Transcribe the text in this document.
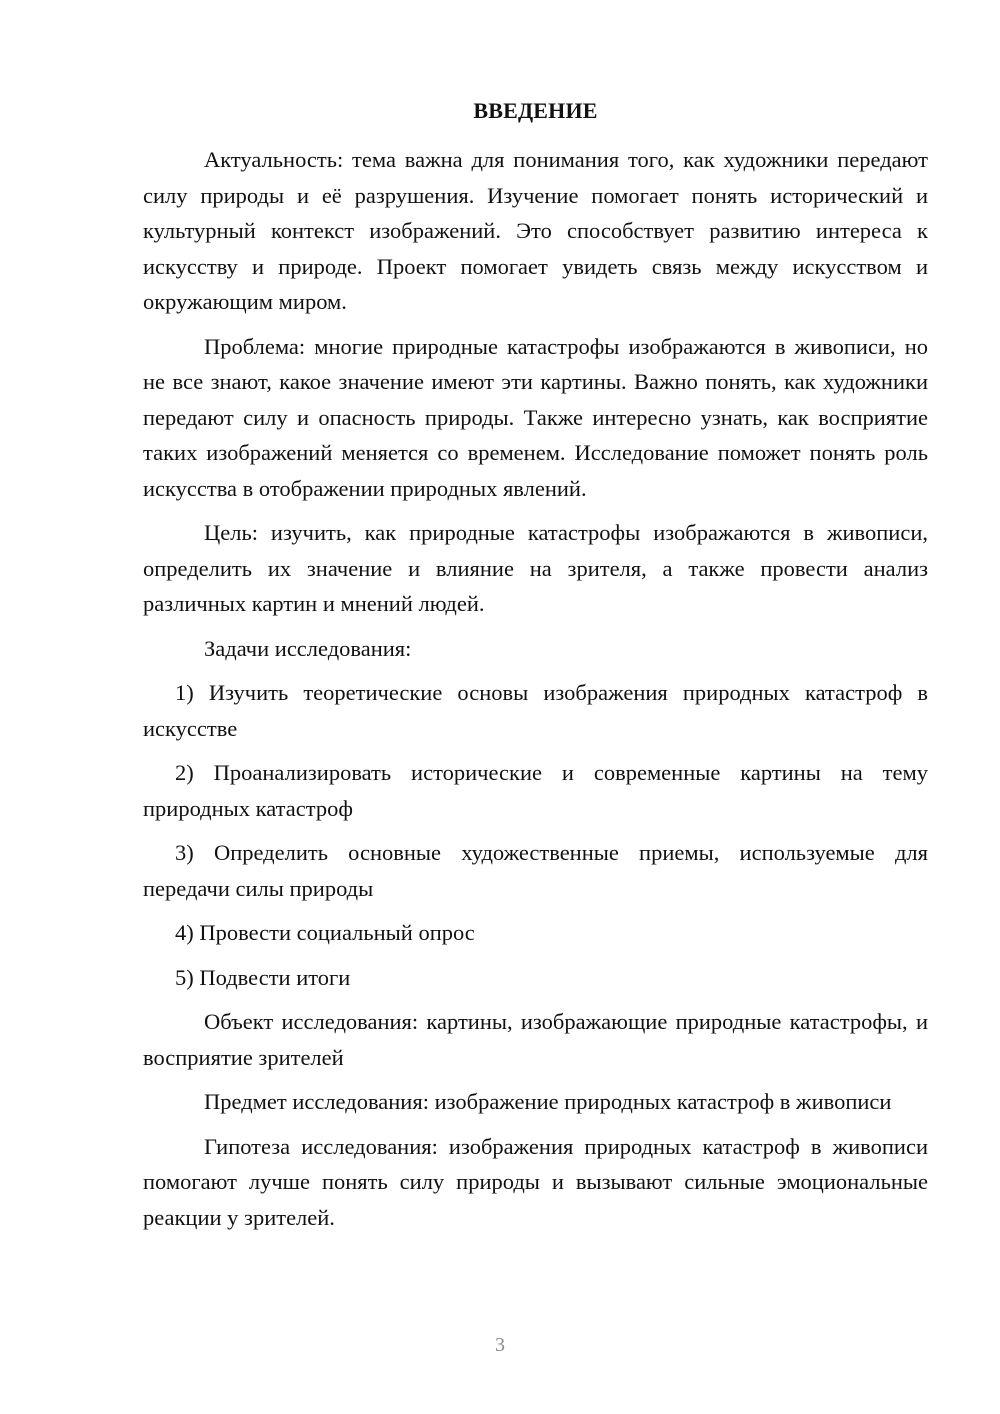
ВВЕДЕНИЕ

Актуальность: тема важна для понимания того, как художники передают силу природы и её разрушения. Изучение помогает понять исторический и культурный контекст изображений. Это способствует развитию интереса к искусству и природе. Проект помогает увидеть связь между искусством и окружающим миром.

Проблема: многие природные катастрофы изображаются в живописи, но не все знают, какое значение имеют эти картины. Важно понять, как художники передают силу и опасность природы. Также интересно узнать, как восприятие таких изображений меняется со временем. Исследование поможет понять роль искусства в отображении природных явлений.

Цель: изучить, как природные катастрофы изображаются в живописи, определить их значение и влияние на зрителя, а также провести анализ различных картин и мнений людей.

Задачи исследования:

1) Изучить теоретические основы изображения природных катастроф в искусстве

2) Проанализировать исторические и современные картины на тему природных катастроф

3) Определить основные художественные приемы, используемые для передачи силы природы

4) Провести социальный опрос

5) Подвести итоги

Объект исследования: картины, изображающие природные катастрофы, и восприятие зрителей

Предмет исследования: изображение природных катастроф в живописи

Гипотеза исследования: изображения природных катастроф в живописи помогают лучше понять силу природы и вызывают сильные эмоциональные реакции у зрителей.

3
